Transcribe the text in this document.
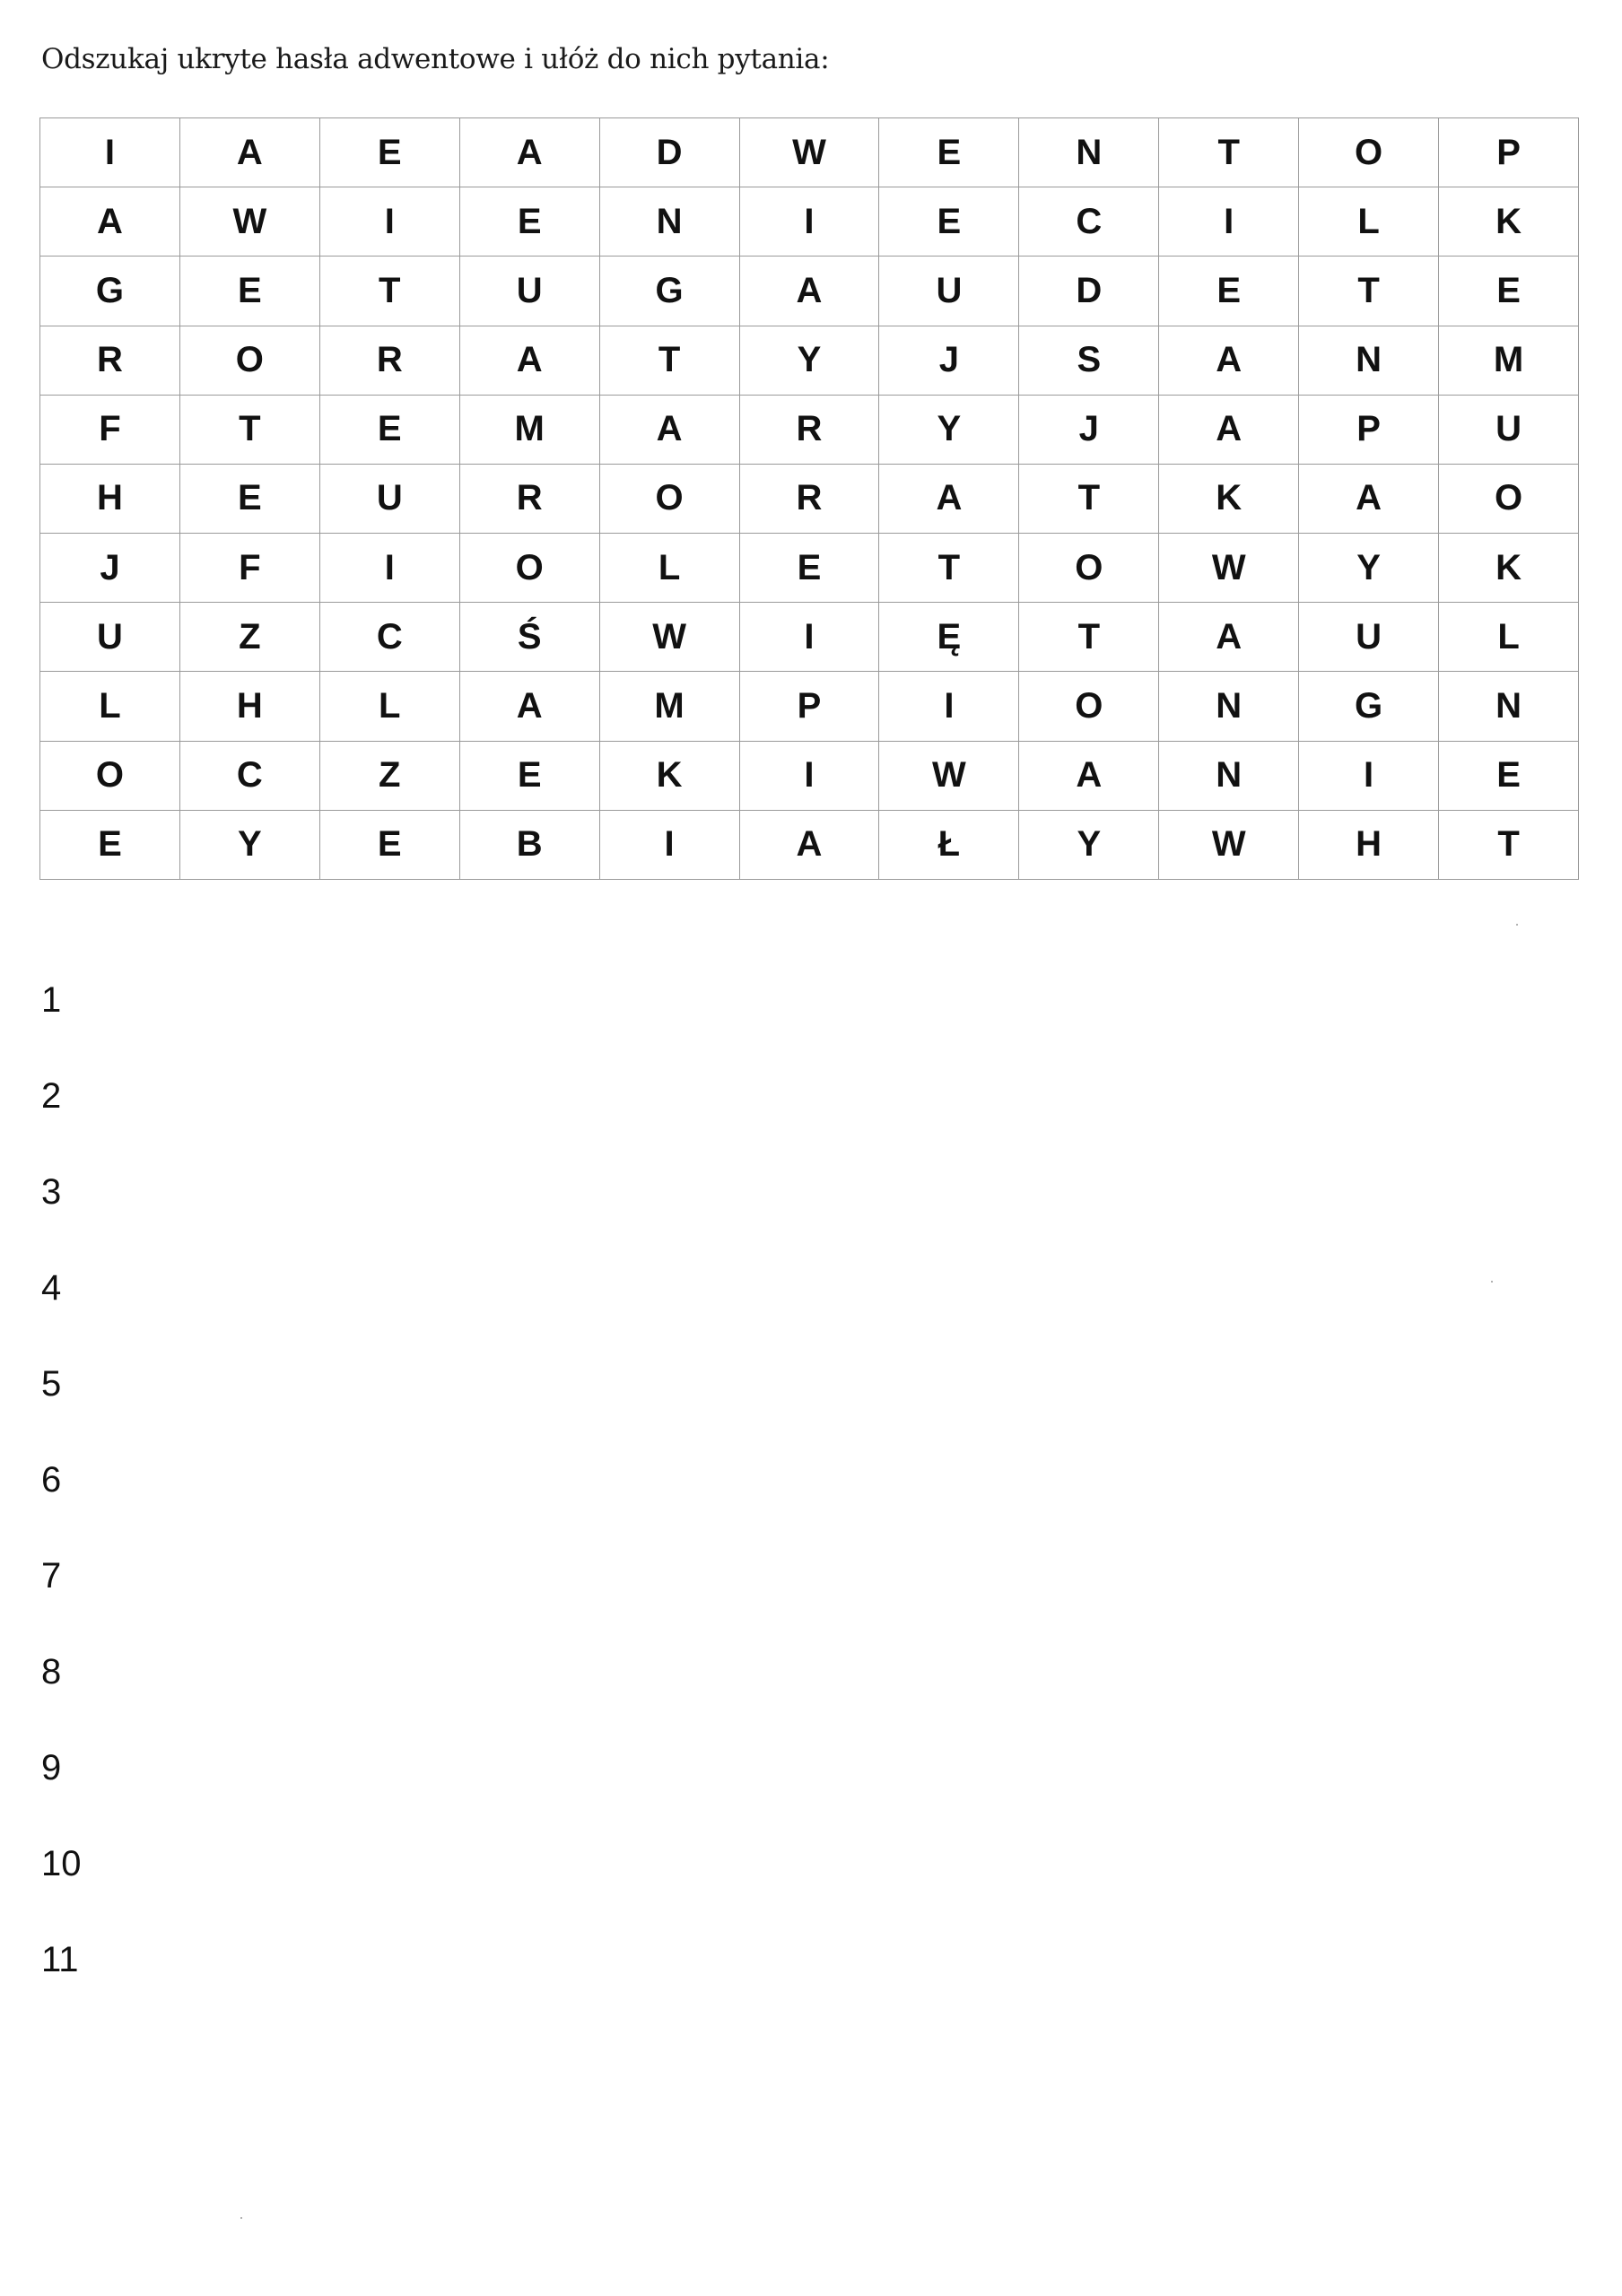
Odszukaj ukryte hasła adwentowe i ułóż do nich pytania:
I	A	E	A	D	W	E	N	T	O	P
A	W	I	E	N	I	E	C	I	L	K
G	E	T	U	G	A	U	D	E	T	E
R	O	R	A	T	Y	J	S	A	N	M
F	T	E	M	A	R	Y	J	A	P	U
H	E	U	R	O	R	A	T	K	A	O
J	F	I	O	L	E	T	O	W	Y	K
U	Z	C	Ś	W	I	Ę	T	A	U	L
L	H	L	A	M	P	I	O	N	G	N
O	C	Z	E	K	I	W	A	N	I	E
E	Y	E	B	I	A	Ł	Y	W	H	T
1
2
3
4
5
6
7
8
9
10
11
